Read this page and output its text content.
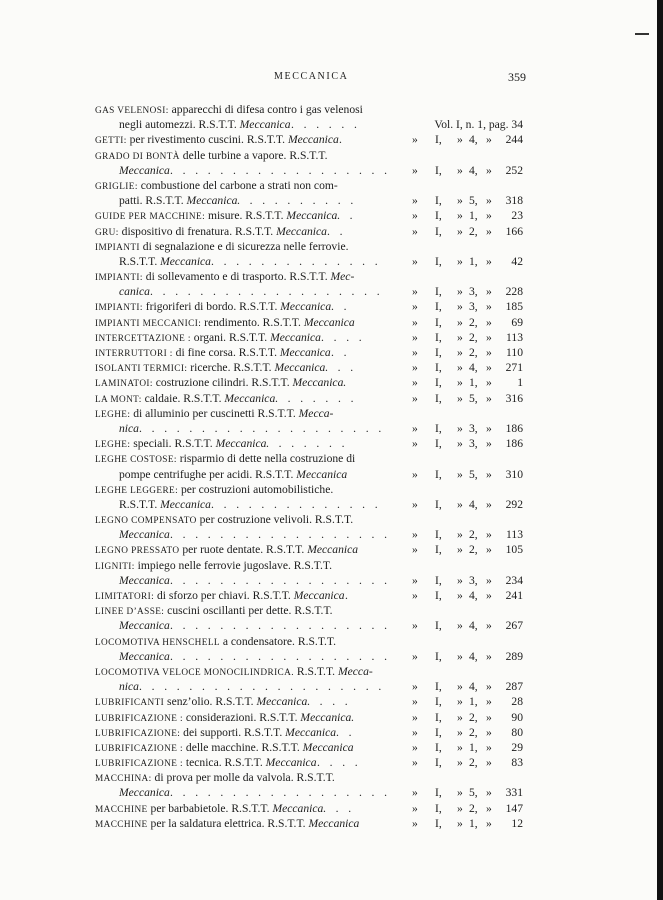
MECCANICA	359
GAS VELENOSI: apparecchi di difesa contro i gas velenosi
negli automezzi. R.S.T.T. Meccanica	Vol. I, n. 1, pag. 34
. . . . . .
GETTI: per rivestimento cuscini. R.S.T.T. Meccanica	» I, » 4, » 244
.
GRADO DI BONTÀ delle turbine a vapore. R.S.T.T.
Meccanica	» I, » 4, » 252
. . . . . . . . . . . . . . . . . .
GRIGLIE: combustione del carbone a strati non com-
patti. R.S.T.T. Meccanica	» I, » 5, » 318
. . . . . . . . . .
GUIDE PER MACCHINE: misure. R.S.T.T. Meccanica	» I, » 1, » 23
. .
GRU: dispositivo di frenatura. R.S.T.T. Meccanica	» I, » 2, » 166
. .
IMPIANTI di segnalazione e di sicurezza nelle ferrovie.
R.S.T.T. Meccanica	» I, » 1, » 42
. . . . . . . . . . . . . .
IMPIANTI: di sollevamento e di trasporto. R.S.T.T. Mec-
canica	» I, » 3, » 228
. . . . . . . . . . . . . . . . . . .
IMPIANTI: frigoriferi di bordo. R.S.T.T. Meccanica	» I, » 3, » 185
. .
IMPIANTI MECCANICI: rendimento. R.S.T.T. Meccanica	» I, » 2, » 69
INTERCETTAZIONE : organi. R.S.T.T. Meccanica	» I, » 2, » 113
. . . .
INTERRUTTORI : di fine corsa. R.S.T.T. Meccanica	» I, » 2, » 110
. .
ISOLANTI TERMICI: ricerche. R.S.T.T. Meccanica	» I, » 4, » 271
. . .
LAMINATOI: costruzione cilindri. R.S.T.T. Meccanica	» I, » 1, » 1
.
LA MONT: caldaie. R.S.T.T. Meccanica	» I, » 5, » 316
. . . . . . .
LEGHE: di alluminio per cuscinetti R.S.T.T. Mecca-
nica	» I, » 3, » 186
. . . . . . . . . . . . . . . . . . . .
LEGHE: speciali. R.S.T.T. Meccanica	» I, » 3, » 186
. . . . . . .
LEGHE COSTOSE: risparmio di dette nella costruzione di
pompe centrifughe per acidi. R.S.T.T. Meccanica	» I, » 5, » 310
LEGHE LEGGERE: per costruzioni automobilistiche.
R.S.T.T. Meccanica	» I, » 4, » 292
. . . . . . . . . . . . . .
LEGNO COMPENSATO per costruzione velivoli. R.S.T.T.
Meccanica	» I, » 2, » 113
. . . . . . . . . . . . . . . . . .
LEGNO PRESSATO per ruote dentate. R.S.T.T. Meccanica	» I, » 2, » 105
LIGNITI: impiego nelle ferrovie jugoslave. R.S.T.T.
Meccanica	» I, » 3, » 234
. . . . . . . . . . . . . . . . . .
LIMITATORI: di sforzo per chiavi. R.S.T.T. Meccanica	» I, » 4, » 241
.
LINEE D’ASSE: cuscini oscillanti per dette. R.S.T.T.
Meccanica	» I, » 4, » 267
. . . . . . . . . . . . . . . . . .
LOCOMOTIVA HENSCHELL a condensatore. R.S.T.T.
Meccanica	» I, » 4, » 289
. . . . . . . . . . . . . . . . . .
LOCOMOTIVA VELOCE MONOCILINDRICA. R.S.T.T. Mecca-
nica	» I, » 4, » 287
. . . . . . . . . . . . . . . . . . . .
LUBRIFICANTI senz’olio. R.S.T.T. Meccanica	» I, » 1, » 28
. . . .
LUBRIFICAZIONE : considerazioni. R.S.T.T. Meccanica.	» I, » 2, » 90
LUBRIFICAZIONE: dei supporti. R.S.T.T. Meccanica	» I, » 2, » 80
. .
LUBRIFICAZIONE : delle macchine. R.S.T.T. Meccanica	» I, » 1, » 29
LUBRIFICAZIONE : tecnica. R.S.T.T. Meccanica	» I, » 2, » 83
. . . .
MACCHINA: di prova per molle da valvola. R.S.T.T.
Meccanica	» I, » 5, » 331
. . . . . . . . . . . . . . . . . .
MACCHINE per barbabietole. R.S.T.T. Meccanica	» I, » 2, » 147
. . .
MACCHINE per la saldatura elettrica. R.S.T.T. Meccanica	» I, » 1, » 12
